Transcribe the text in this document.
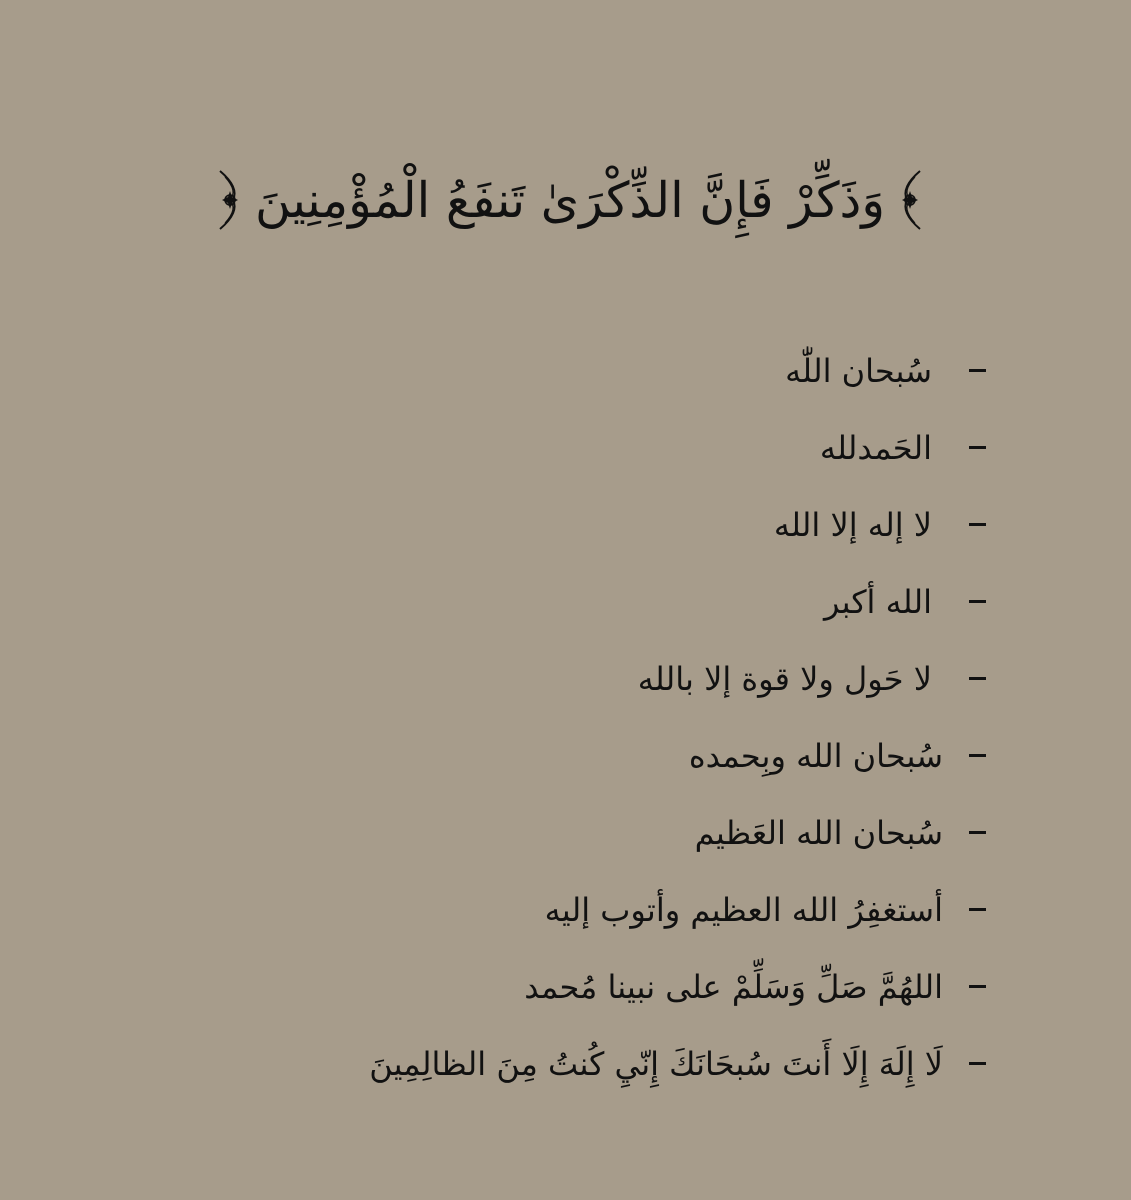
وَذَكِّرْ فَإِنَّ الذِّكْرَىٰ تَنفَعُ الْمُؤْمِنِينَ
سُبحان اللّٰه
الحَمدلله
لا إله إلا الله
الله أكبر
لا حَول ولا قوة إلا بالله
سُبحان الله وبِحمده
سُبحان الله العَظيم
أستغفِرُ الله العظيم وأتوب إليه
اللهُمَّ صَلِّ وَسَلِّمْ على نبينا مُحمد
لَا إِلَهَ إِلَا أَنتَ سُبحَانَكَ إِنّيِ كُنتُ مِنَ الظالِمِينَ
